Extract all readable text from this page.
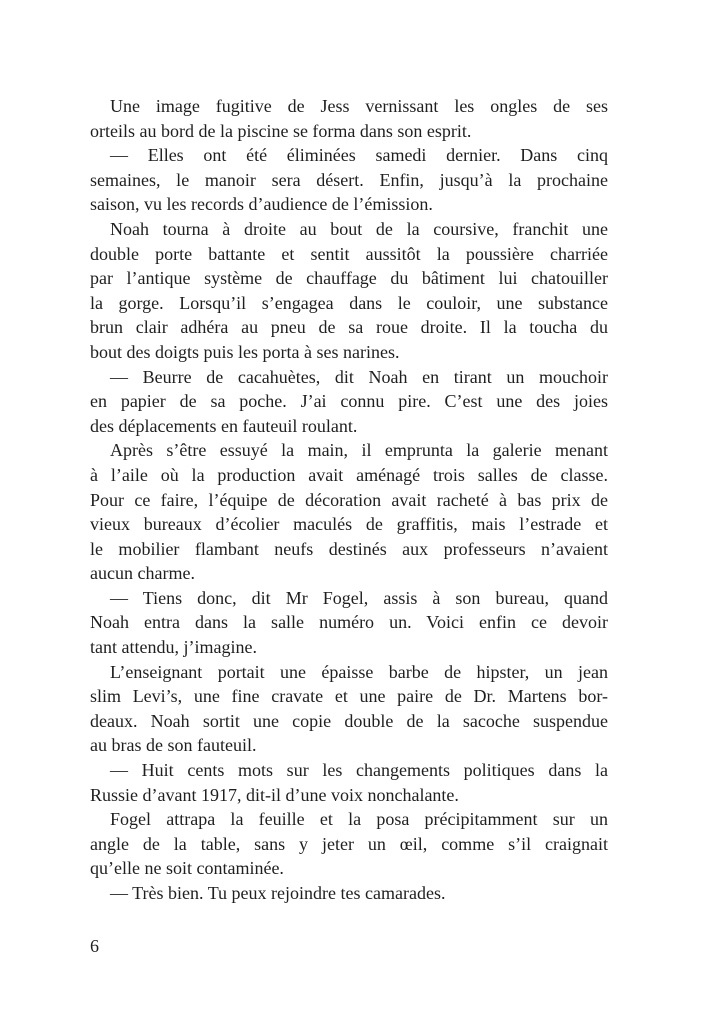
Une image fugitive de Jess vernissant les ongles de ses
orteils au bord de la piscine se forma dans son esprit.
— Elles ont été éliminées samedi dernier. Dans cinq
semaines, le manoir sera désert. Enfin, jusqu’à la prochaine
saison, vu les records d’audience de l’émission.
Noah tourna à droite au bout de la coursive, franchit une
double porte battante et sentit aussitôt la poussière charriée
par l’antique système de chauffage du bâtiment lui chatouiller
la gorge. Lorsqu’il s’engagea dans le couloir, une substance
brun clair adhéra au pneu de sa roue droite. Il la toucha du
bout des doigts puis les porta à ses narines.
— Beurre de cacahuètes, dit Noah en tirant un mouchoir
en papier de sa poche. J’ai connu pire. C’est une des joies
des déplacements en fauteuil roulant.
Après s’être essuyé la main, il emprunta la galerie menant
à l’aile où la production avait aménagé trois salles de classe.
Pour ce faire, l’équipe de décoration avait racheté à bas prix de
vieux bureaux d’écolier maculés de graffitis, mais l’estrade et
le mobilier flambant neufs destinés aux professeurs n’avaient
aucun charme.
— Tiens donc, dit Mr Fogel, assis à son bureau, quand
Noah entra dans la salle numéro un. Voici enfin ce devoir
tant attendu, j’imagine.
L’enseignant portait une épaisse barbe de hipster, un jean
slim Levi’s, une fine cravate et une paire de Dr. Martens bor-
deaux. Noah sortit une copie double de la sacoche suspendue
au bras de son fauteuil.
— Huit cents mots sur les changements politiques dans la
Russie d’avant 1917, dit-il d’une voix nonchalante.
Fogel attrapa la feuille et la posa précipitamment sur un
angle de la table, sans y jeter un œil, comme s’il craignait
qu’elle ne soit contaminée.
— Très bien. Tu peux rejoindre tes camarades.
6
